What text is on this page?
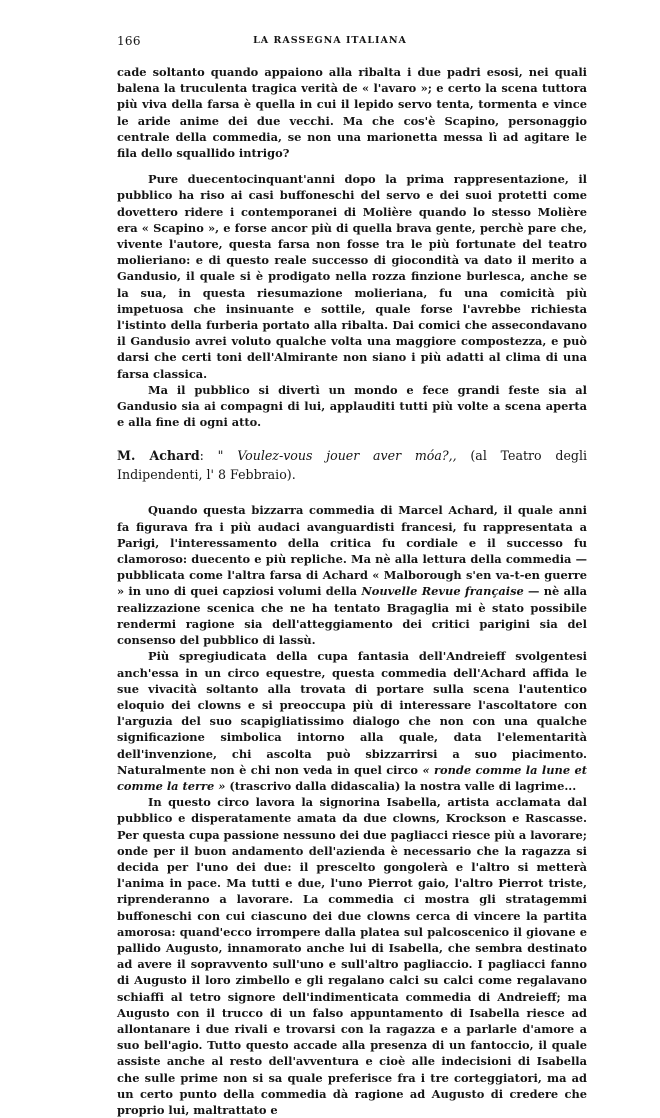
166	LA RASSEGNA ITALIANA

cade soltanto quando appaiono alla ribalta i due padri esosi, nei quali balena la truculenta tragica verità de « l'avaro »; e certo la scena tuttora più viva della farsa è quella in cui il lepido servo tenta, tormenta e vince le aride anime dei due vecchi. Ma che cos'è Scapino, personaggio centrale della commedia, se non una marionetta messa lì ad agitare le fila dello squallido intrigo?

Pure duecentocinquant'anni dopo la prima rappresentazione, il pubblico ha riso ai casi buffoneschi del servo e dei suoi protetti come dovettero ridere i contemporanei di Molière quando lo stesso Molière era « Scapino », e forse ancor più di quella brava gente, perchè pare che, vivente l'autore, questa farsa non fosse tra le più fortunate del teatro molieriano: e di questo reale successo di giocondità va dato il merito a Gandusio, il quale si è prodigato nella rozza finzione burlesca, anche se la sua, in questa riesumazione molieriana, fu una comicità più impetuosa che insinuante e sottile, quale forse l'avrebbe richiesta l'istinto della furberia portato alla ribalta. Dai comici che assecondavano il Gandusio avrei voluto qualche volta una maggiore compostezza, e può darsi che certi toni dell'Almirante non siano i più adatti al clima di una farsa classica.

Ma il pubblico si divertì un mondo e fece grandi feste sia al Gandusio sia ai compagni di lui, applauditi tutti più volte a scena aperta e alla fine di ogni atto.

M. Achard: " Voulez-vous jouer aver móa?,, (al Teatro degli Indipendenti, l' 8 Febbraio).

Quando questa bizzarra commedia di Marcel Achard, il quale anni fa figurava fra i più audaci avanguardisti francesi, fu rappresentata a Parigi, l'interessamento della critica fu cordiale e il successo fu clamoroso: duecento e più repliche. Ma nè alla lettura della commedia — pubblicata come l'altra farsa di Achard « Malborough s'en va-t-en guerre » in uno di quei capziosi volumi della Nouvelle Revue française — nè alla realizzazione scenica che ne ha tentato Bragaglia mi è stato possibile rendermi ragione sia dell'atteggiamento dei critici parigini sia del consenso del pubblico di lassù.

Più spregiudicata della cupa fantasia dell'Andreieff svolgentesi anch'essa in un circo equestre, questa commedia dell'Achard affida le sue vivacità soltanto alla trovata di portare sulla scena l'autentico eloquio dei clowns e si preoccupa più di interessare l'ascoltatore con l'arguzia del suo scapigliatissimo dialogo che non con una qualche significazione simbolica intorno alla quale, data l'elementarità dell'invenzione, chi ascolta può sbizzarrirsi a suo piacimento. Naturalmente non è chi non veda in quel circo « ronde comme la lune et comme la terre » (trascrivo dalla didascalia) la nostra valle di lagrime...

In questo circo lavora la signorina Isabella, artista acclamata dal pubblico e disperatamente amata da due clowns, Krockson e Rascasse. Per questa cupa passione nessuno dei due pagliacci riesce più a lavorare; onde per il buon andamento dell'azienda è necessario che la ragazza si decida per l'uno dei due: il prescelto gongolerà e l'altro si metterà l'anima in pace. Ma tutti e due, l'uno Pierrot gaio, l'altro Pierrot triste, riprenderanno a lavorare. La commedia ci mostra gli stratagemmi buffoneschi con cui ciascuno dei due clowns cerca di vincere la partita amorosa: quand'ecco irrompere dalla platea sul palcoscenico il giovane e pallido Augusto, innamorato anche lui di Isabella, che sembra destinato ad avere il sopravvento sull'uno e sull'altro pagliaccio. I pagliacci fanno di Augusto il loro zimbello e gli regalano calci su calci come regalavano schiaffi al tetro signore dell'indimenticata commedia di Andreieff; ma Augusto con il trucco di un falso appuntamento di Isabella riesce ad allontanare i due rivali e trovarsi con la ragazza e a parlarle d'amore a suo bell'agio. Tutto questo accade alla presenza di un fantoccio, il quale assiste anche al resto dell'avventura e cioè alle indecisioni di Isabella che sulle prime non si sa quale preferisce fra i tre corteggiatori, ma ad un certo punto della commedia dà ragione ad Augusto di credere che proprio lui, maltrattato e
